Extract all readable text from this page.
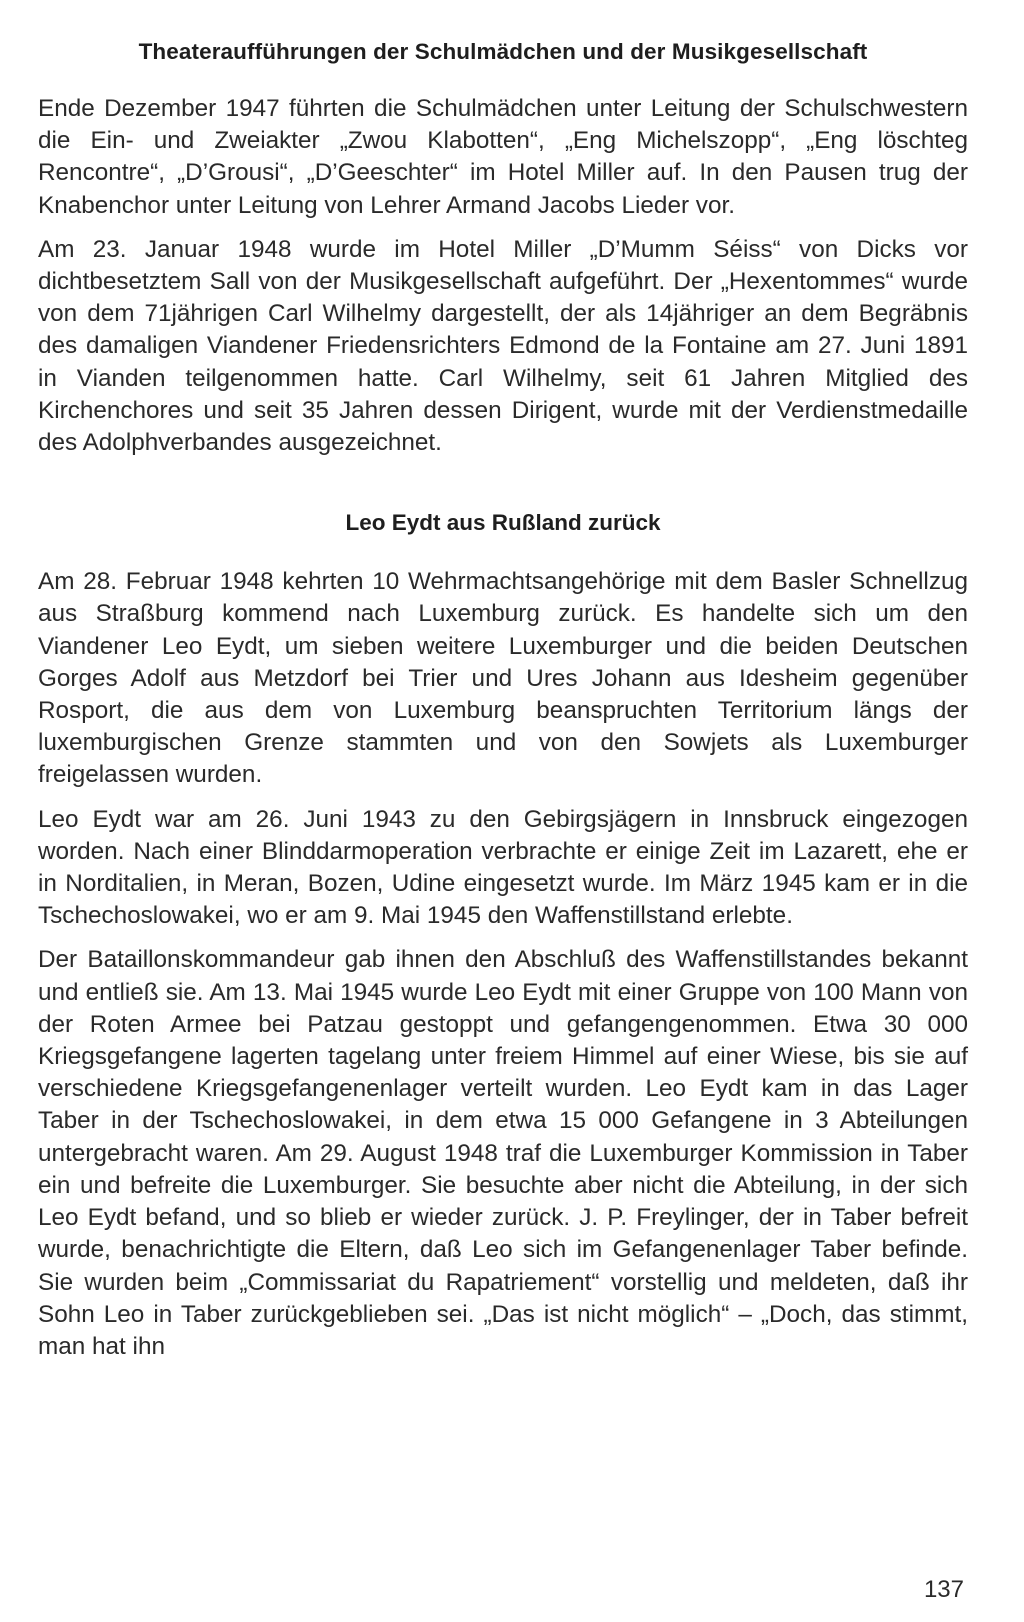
Theateraufführungen der Schulmädchen und der Musikgesellschaft

Ende Dezember 1947 führten die Schulmädchen unter Leitung der Schulschwestern die Ein- und Zweiakter „Zwou Klabotten“, „Eng Michelszopp“, „Eng löschteg Rencontre“, „D’Grousi“, „D’Geeschter“ im Hotel Miller auf. In den Pausen trug der Knabenchor unter Leitung von Lehrer Armand Jacobs Lieder vor.

Am 23. Januar 1948 wurde im Hotel Miller „D’Mumm Séiss“ von Dicks vor dichtbesetztem Sall von der Musikgesellschaft aufgeführt. Der „Hexentommes“ wurde von dem 71jährigen Carl Wilhelmy dargestellt, der als 14jähriger an dem Begräbnis des damaligen Viandener Friedensrichters Edmond de la Fontaine am 27. Juni 1891 in Vianden teilgenommen hatte. Carl Wilhelmy, seit 61 Jahren Mitglied des Kirchenchores und seit 35 Jahren dessen Dirigent, wurde mit der Verdienstmedaille des Adolphverbandes ausgezeichnet.

Leo Eydt aus Rußland zurück

Am 28. Februar 1948 kehrten 10 Wehrmachtsangehörige mit dem Basler Schnellzug aus Straßburg kommend nach Luxemburg zurück. Es handelte sich um den Viandener Leo Eydt, um sieben weitere Luxemburger und die beiden Deutschen Gorges Adolf aus Metzdorf bei Trier und Ures Johann aus Idesheim gegenüber Rosport, die aus dem von Luxemburg beanspruchten Territorium längs der luxemburgischen Grenze stammten und von den Sowjets als Luxemburger freigelassen wurden.

Leo Eydt war am 26. Juni 1943 zu den Gebirgsjägern in Innsbruck eingezogen worden. Nach einer Blinddarmoperation verbrachte er einige Zeit im Lazarett, ehe er in Norditalien, in Meran, Bozen, Udine eingesetzt wurde. Im März 1945 kam er in die Tschechoslowakei, wo er am 9. Mai 1945 den Waffenstillstand erlebte.

Der Bataillonskommandeur gab ihnen den Abschluß des Waffenstillstandes bekannt und entließ sie. Am 13. Mai 1945 wurde Leo Eydt mit einer Gruppe von 100 Mann von der Roten Armee bei Patzau gestoppt und gefangengenommen. Etwa 30 000 Kriegsgefangene lagerten tagelang unter freiem Himmel auf einer Wiese, bis sie auf verschiedene Kriegsgefangenenlager verteilt wurden. Leo Eydt kam in das Lager Taber in der Tschechoslowakei, in dem etwa 15 000 Gefangene in 3 Abteilungen untergebracht waren. Am 29. August 1948 traf die Luxemburger Kommission in Taber ein und befreite die Luxemburger. Sie besuchte aber nicht die Abteilung, in der sich Leo Eydt befand, und so blieb er wieder zurück. J. P. Freylinger, der in Taber befreit wurde, benachrichtigte die Eltern, daß Leo sich im Gefangenenlager Taber befinde. Sie wurden beim „Commissariat du Rapatriement“ vorstellig und meldeten, daß ihr Sohn Leo in Taber zurückgeblieben sei. „Das ist nicht möglich“ – „Doch, das stimmt, man hat ihn

137
